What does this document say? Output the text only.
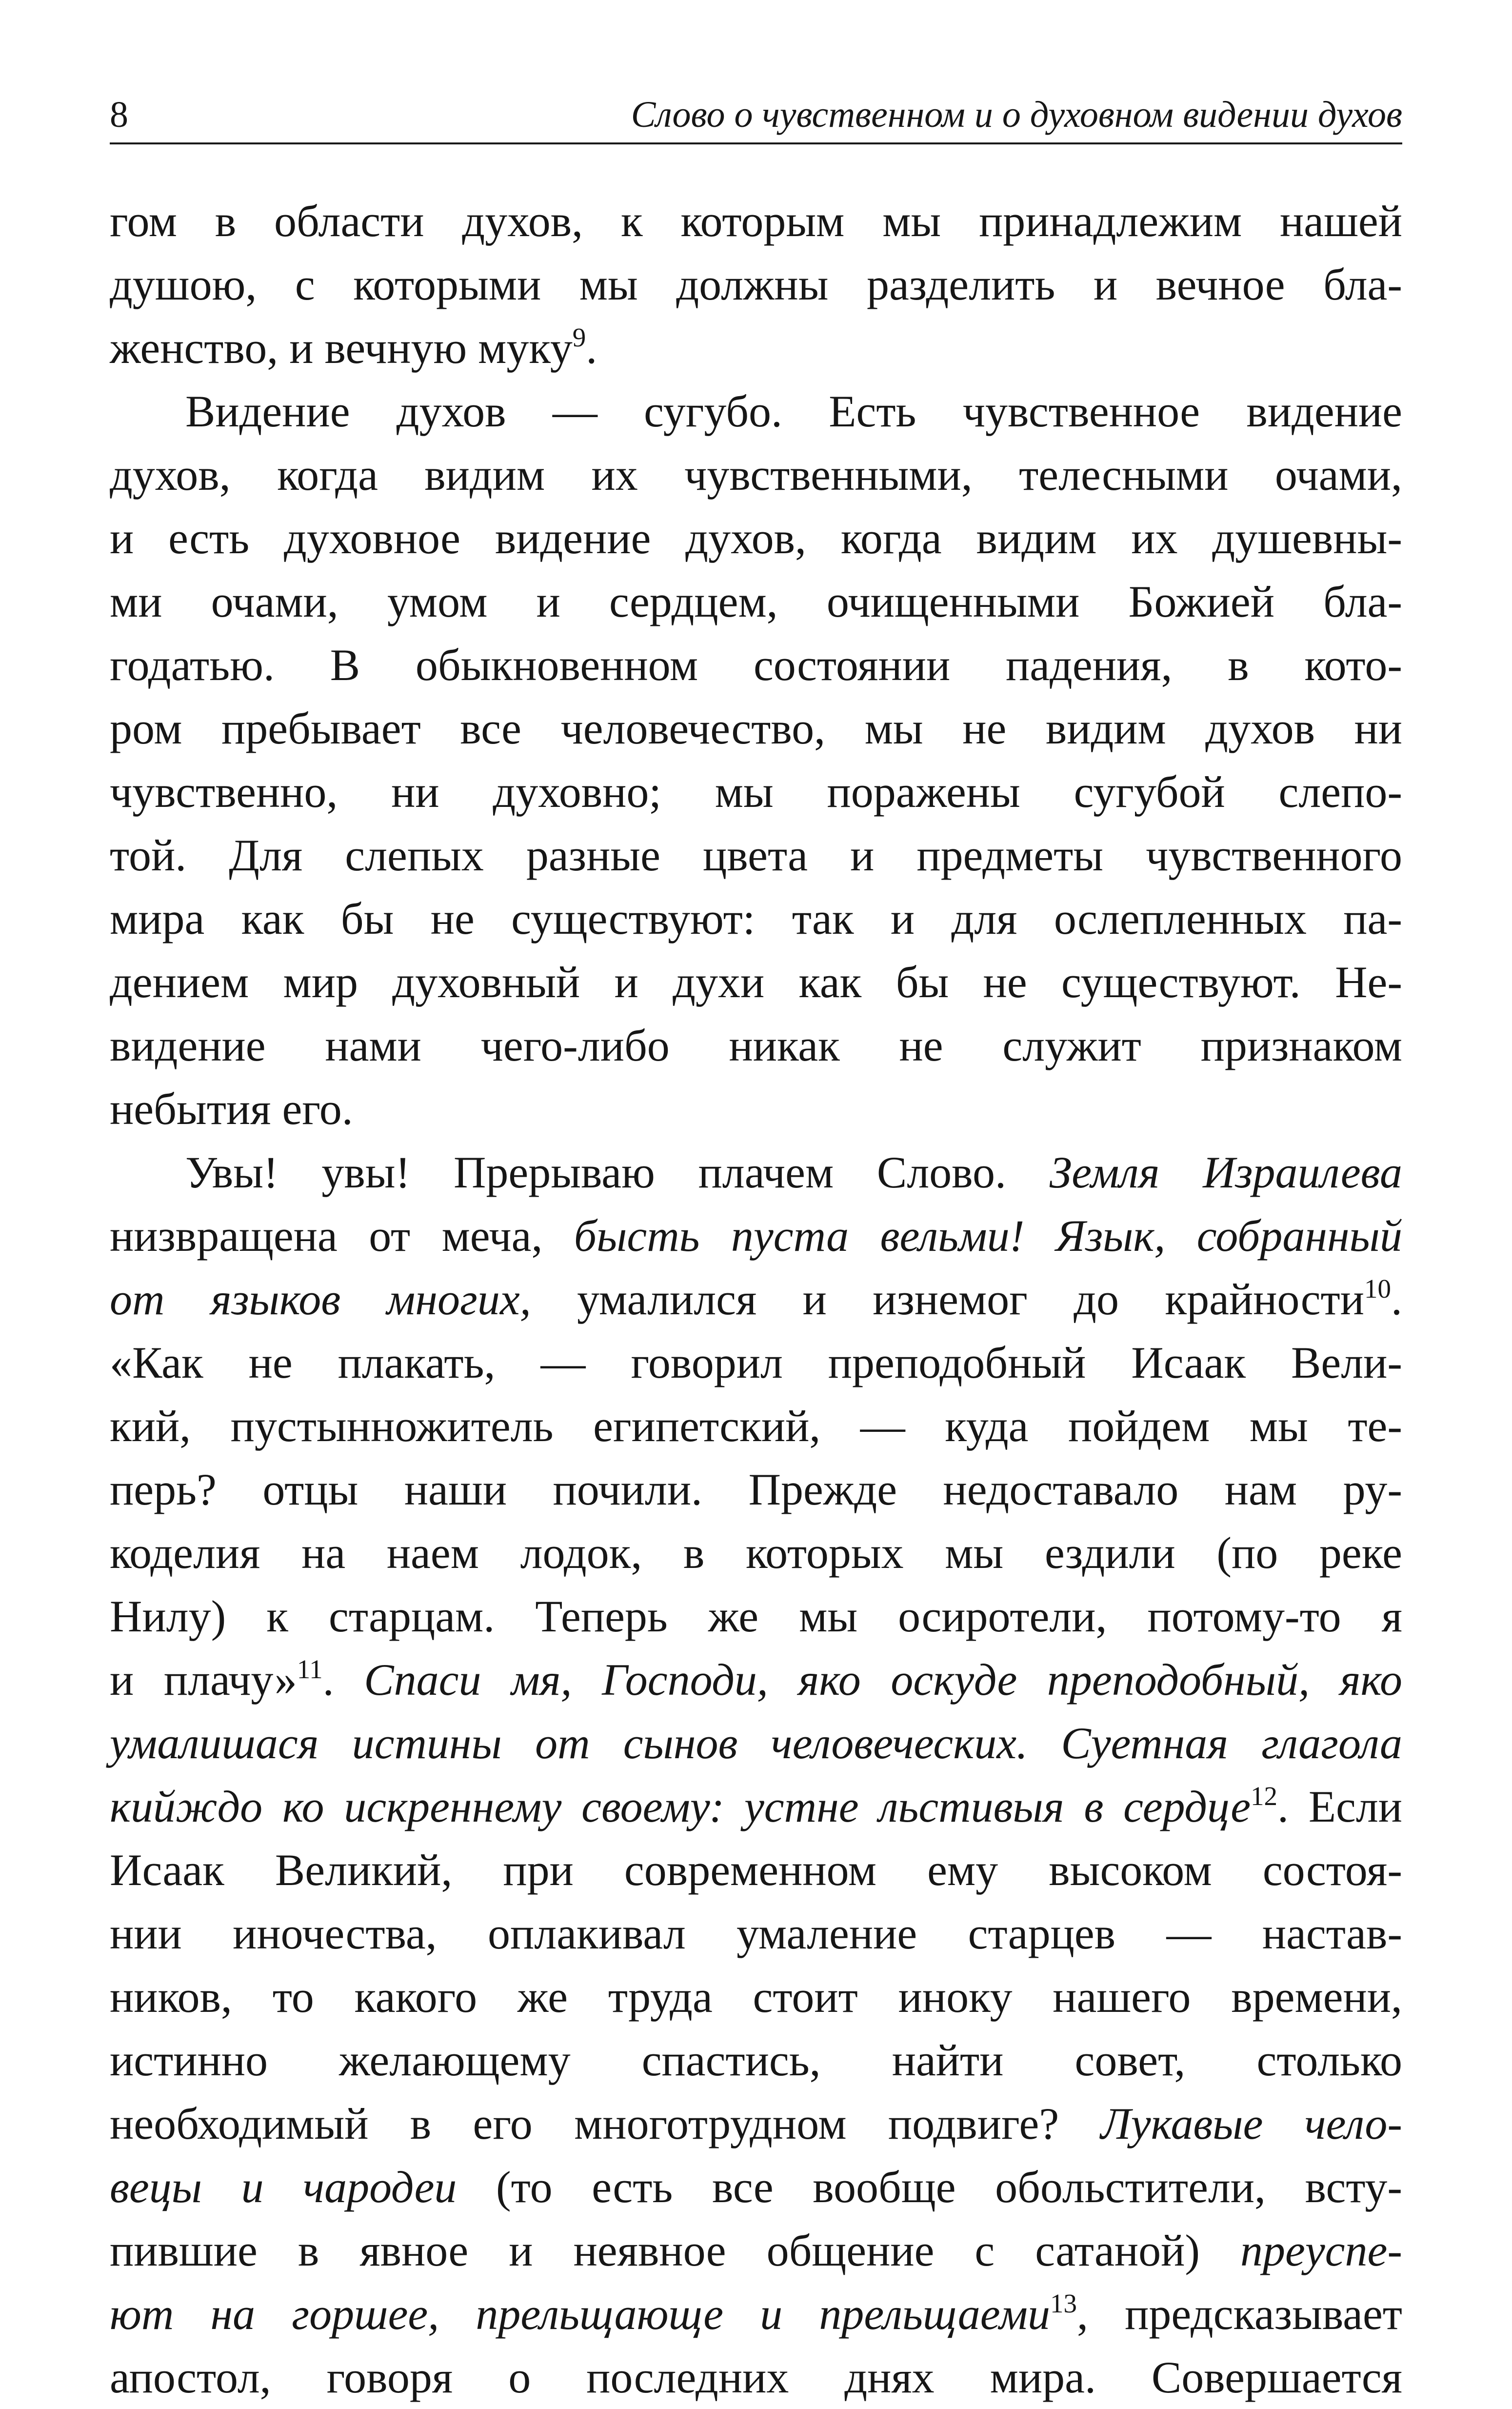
8	Слово о чувственном и о духовном видении духов
гом в области духов, к которым мы принадлежим нашей
душою, с которыми мы должны разделить и вечное бла-
женство, и вечную муку$^9$.
Видение духов — сугубо. Есть чувственное видение
духов, когда видим их чувственными, телесными очами,
и есть духовное видение духов, когда видим их душевны-
ми очами, умом и сердцем, очищенными Божией бла-
годатью. В обыкновенном состоянии падения, в кото-
ром пребывает все человечество, мы не видим духов ни
чувственно, ни духовно; мы поражены сугубой слепо-
той. Для слепых разные цвета и предметы чувственного
мира как бы не существуют: так и для ослепленных па-
дением мир духовный и духи как бы не существуют. Не-
видение нами чего-либо никак не служит признаком
небытия его.
Увы! увы! Прерываю плачем Слово. Земля Израилева
низвращена от меча, бысть пуста вельми! Язык, собранный
от языков многих, умалился и изнемог до крайности$^{10}$.
«Как не плакать, — говорил преподобный Исаак Вели-
кий, пустынножитель египетский, — куда пойдем мы те-
перь? отцы наши почили. Прежде недоставало нам ру-
коделия на наем лодок, в которых мы ездили (по реке
Нилу) к старцам. Теперь же мы осиротели, потому-то я
и плачу»$^{11}$. Спаси мя, Господи, яко оскуде преподобный, яко
умалишася истины от сынов человеческих. Суетная глагола
кийждо ко искреннему своему: устне льстивыя в сердце$^{12}$. Если
Исаак Великий, при современном ему высоком состоя-
нии иночества, оплакивал умаление старцев — настав-
ников, то какого же труда стоит иноку нашего времени,
истинно желающему спастись, найти совет, столько
необходимый в его многотрудном подвиге? Лукавые чело-
вецы и чародеи (то есть все вообще обольстители, всту-
пившие в явное и неявное общение с сатаной) преуспе-
ют на горшее, прельщающе и прельщаеми$^{13}$, предсказывает
апостол, говоря о последних днях мира. Совершается
